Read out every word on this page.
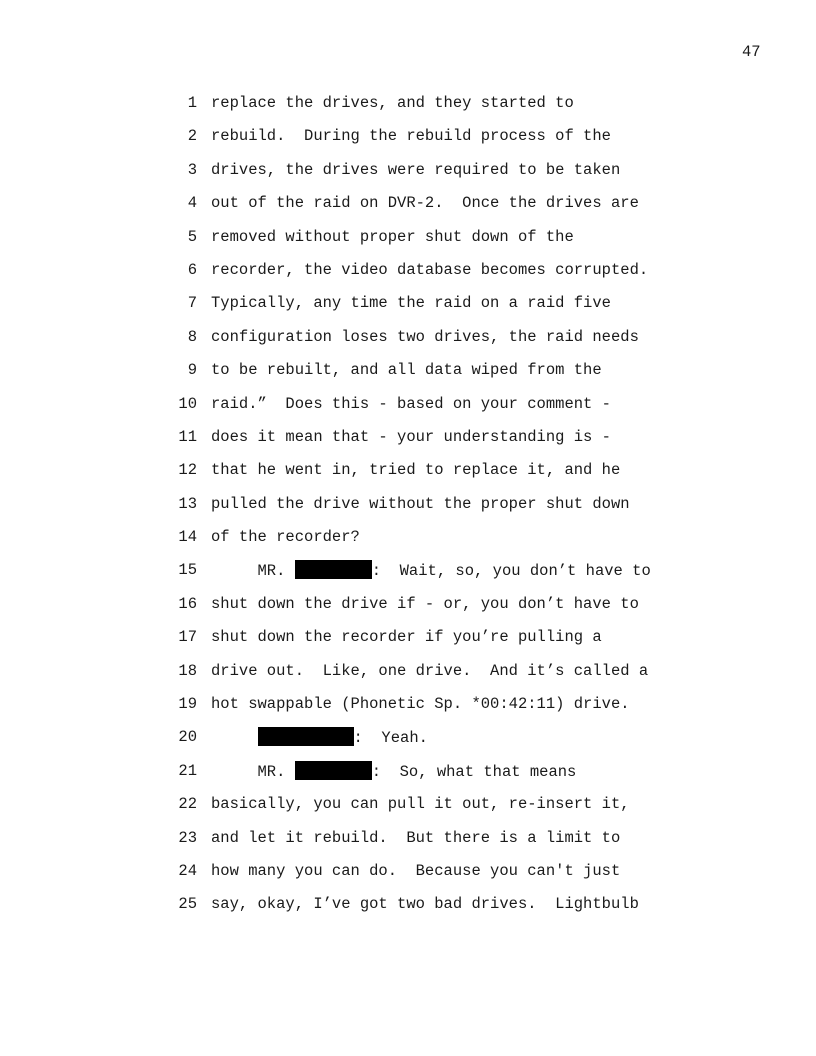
47
1 replace the drives, and they started to
2 rebuild.  During the rebuild process of the
3 drives, the drives were required to be taken
4 out of the raid on DVR-2.  Once the drives are
5 removed without proper shut down of the
6 recorder, the video database becomes corrupted.
7 Typically, any time the raid on a raid five
8 configuration loses two drives, the raid needs
9 to be rebuilt, and all data wiped from the
10 raid.”  Does this - based on your comment -
11 does it mean that - your understanding is -
12 that he went in, tried to replace it, and he
13 pulled the drive without the proper shut down
14 of the recorder?
15 MR.	:  Wait, so, you don’t have to
16 shut down the drive if - or, you don’t have to
17 shut down the recorder if you’re pulling a
18 drive out.  Like, one drive.  And it’s called a
19 hot swappable (Phonetic Sp. *00:42:11) drive.
20	:  Yeah.
21 MR.	:  So, what that means
22 basically, you can pull it out, re-insert it,
23 and let it rebuild.  But there is a limit to
24 how many you can do.  Because you can't just
25 say, okay, I’ve got two bad drives.  Lightbulb
